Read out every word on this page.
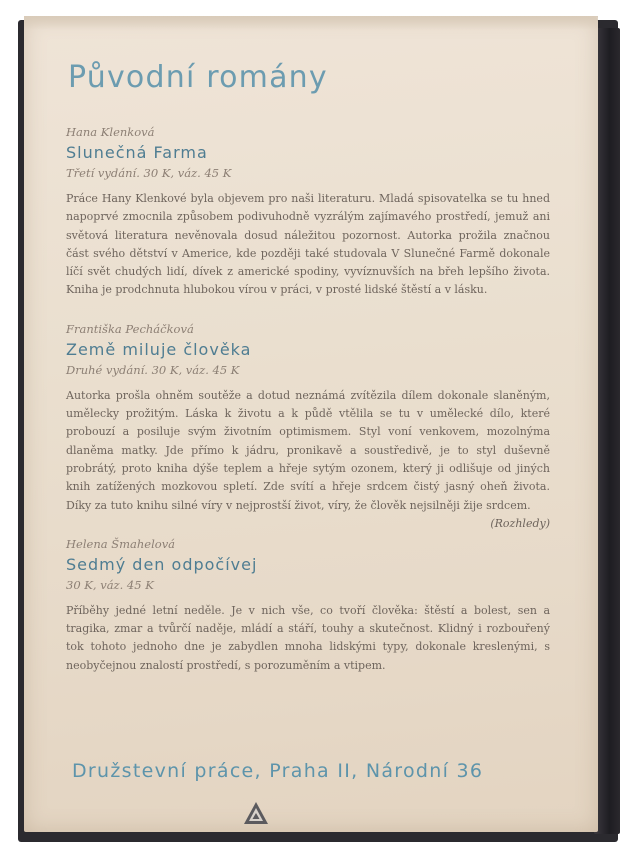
Původní romány
Hana Klenková
Slunečná Farma
Třetí vydání. 30 K, váz. 45 K

Práce Hany Klenkové byla objevem pro naši literaturu. Mladá spisovatelka se tu hned napoprvé zmocnila způsobem podivuhodně vyzrálým zajímavého prostředí, jemuž ani světová literatura nevěnovala dosud náležitou pozornost. Autorka prožila značnou část svého dětství v Americe, kde později také studovala V Slunečné Farmě dokonale líčí svět chudých lidí, dívek z americké spodiny, vyvíznuvších na břeh lepšího života. Kniha je prodchnuta hlubokou vírou v práci, v prosté lidské štěstí a v lásku.

Františka Pecháčková
Země miluje člověka
Druhé vydání. 30 K, váz. 45 K

Autorka prošla ohněm soutěže a dotud neznámá zvítězila dílem dokonale slaněným, umělecky prožitým. Láska k životu a k půdě vtělila se tu v umělecké dílo, které probouzí a posiluje svým životním optimismem. Styl voní venkovem, mozolnýma dlaněma matky. Jde přímo k jádru, pronikavě a soustředivě, je to styl duševně probrátý, proto kniha dýše teplem a hřeje sytým ozonem, který ji odlišuje od jiných knih zatížených mozkovou spletí. Zde svítí a hřeje srdcem čistý jasný oheň života. Díky za tuto knihu silné víry v nejprostší život, víry, že člověk nejsilněji žije srdcem.
(Rozhledy)

Helena Šmahelová
Sedmý den odpočívej
30 K, váz. 45 K

Příběhy jedné letní neděle. Je v nich vše, co tvoří člověka: štěstí a bolest, sen a tragika, zmar a tvůrčí naděje, mládí a stáří, touhy a skutečnost. Klidný i rozbouřený tok tohoto jednoho dne je zabydlen mnoha lidskými typy, dokonale kreslenými, s neobyčejnou znalostí prostředí, s porozuměním a vtipem.

Družstevní práce, Praha II, Národní 36
